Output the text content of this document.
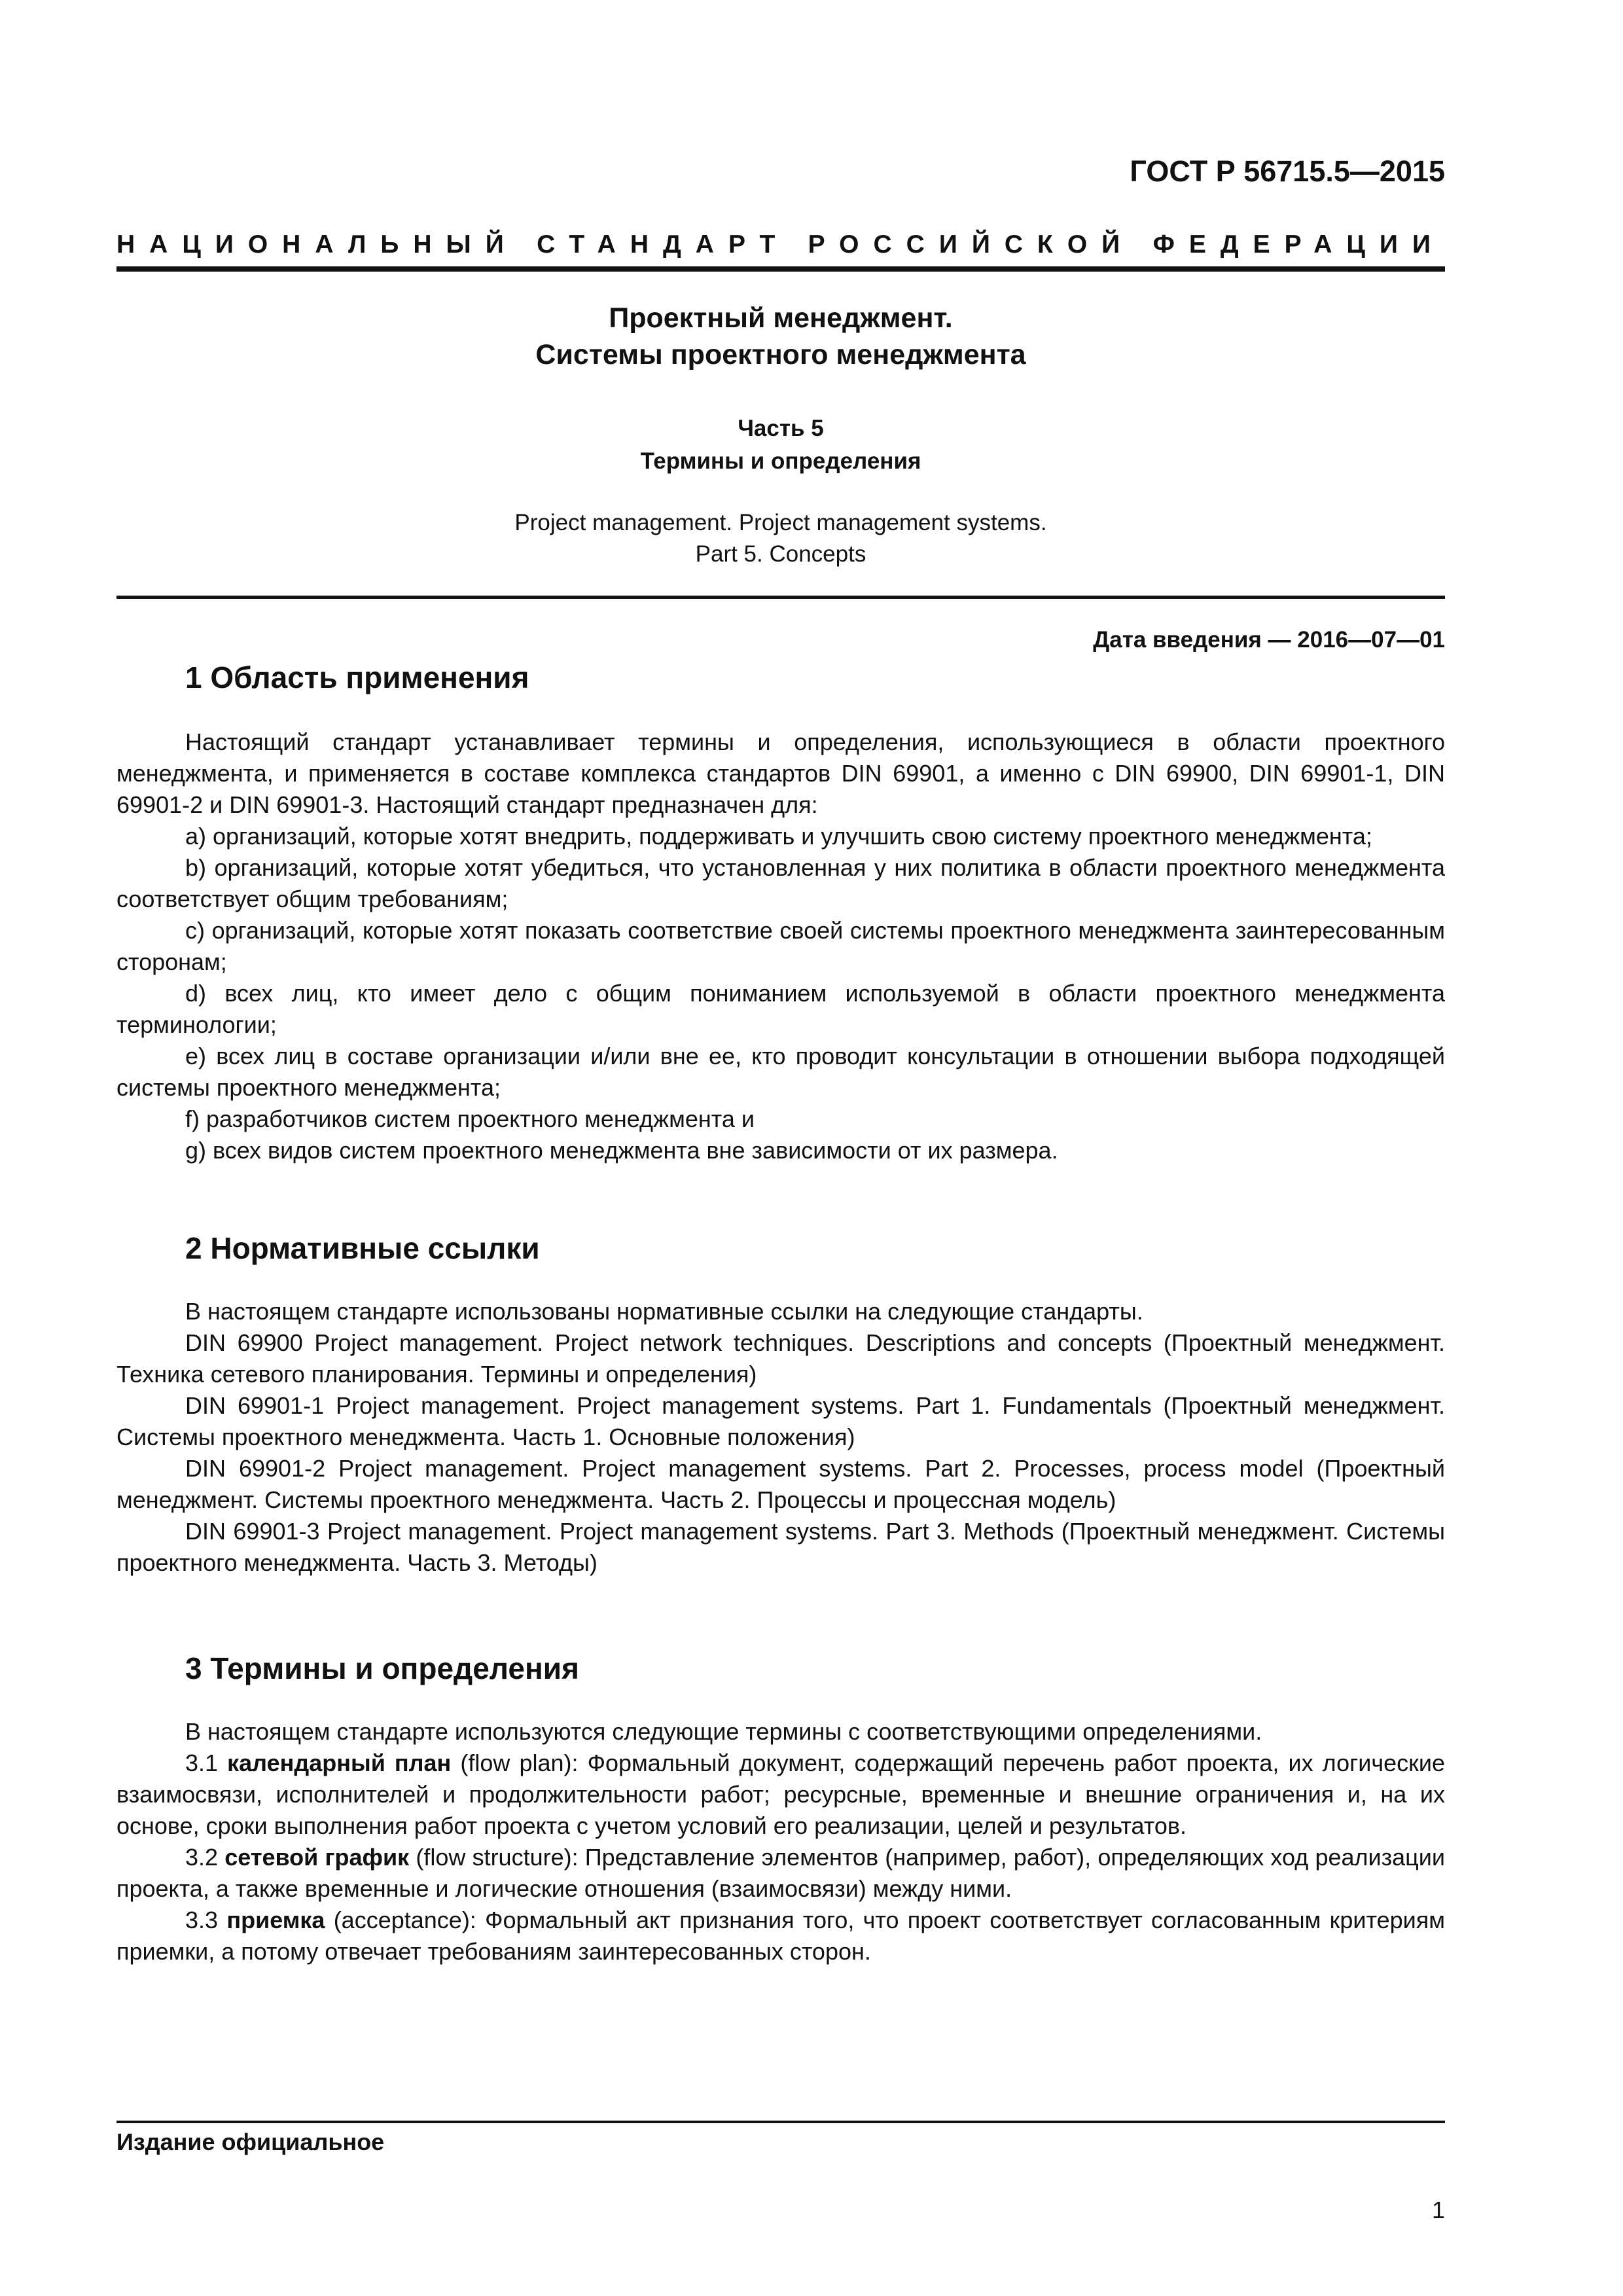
ГОСТ Р 56715.5—2015
НАЦИОНАЛЬНЫЙ СТАНДАРТ РОССИЙСКОЙ ФЕДЕРАЦИИ
Проектный менеджмент.
Системы проектного менеджмента
Часть 5
Термины и определения
Project management. Project management systems.
Part 5. Concepts
Дата введения — 2016—07—01
1 Область применения

Настоящий стандарт устанавливает термины и определения, использующиеся в области проектного менеджмента, и применяется в составе комплекса стандартов DIN 69901, а именно с DIN 69900, DIN 69901-1, DIN 69901-2 и DIN 69901-3. Настоящий стандарт предназначен для:

a) организаций, которые хотят внедрить, поддерживать и улучшить свою систему проектного менеджмента;

b) организаций, которые хотят убедиться, что установленная у них политика в области проектного менеджмента соответствует общим требованиям;

c) организаций, которые хотят показать соответствие своей системы проектного менеджмента заинтересованным сторонам;

d) всех лиц, кто имеет дело с общим пониманием используемой в области проектного менеджмента терминологии;

e) всех лиц в составе организации и/или вне ее, кто проводит консультации в отношении выбора подходящей системы проектного менеджмента;

f) разработчиков систем проектного менеджмента и

g) всех видов систем проектного менеджмента вне зависимости от их размера.

2 Нормативные ссылки

В настоящем стандарте использованы нормативные ссылки на следующие стандарты.

DIN 69900 Project management. Project network techniques. Descriptions and concepts (Проектный менеджмент. Техника сетевого планирования. Термины и определения)

DIN 69901-1 Project management. Project management systems. Part 1. Fundamentals (Проектный менеджмент. Системы проектного менеджмента. Часть 1. Основные положения)

DIN 69901-2 Project management. Project management systems. Part 2. Processes, process model (Проектный менеджмент. Системы проектного менеджмента. Часть 2. Процессы и процессная модель)

DIN 69901-3 Project management. Project management systems. Part 3. Methods (Проектный менеджмент. Системы проектного менеджмента. Часть 3. Методы)

3 Термины и определения

В настоящем стандарте используются следующие термины с соответствующими определениями.

3.1 календарный план (flow plan): Формальный документ, содержащий перечень работ проекта, их логические взаимосвязи, исполнителей и продолжительности работ; ресурсные, временные и внешние ограничения и, на их основе, сроки выполнения работ проекта с учетом условий его реализации, целей и результатов.

3.2 сетевой график (flow structure): Представление элементов (например, работ), определяющих ход реализации проекта, а также временные и логические отношения (взаимосвязи) между ними.

3.3 приемка (acceptance): Формальный акт признания того, что проект соответствует согласованным критериям приемки, а потому отвечает требованиям заинтересованных сторон.

Издание официальное
1
